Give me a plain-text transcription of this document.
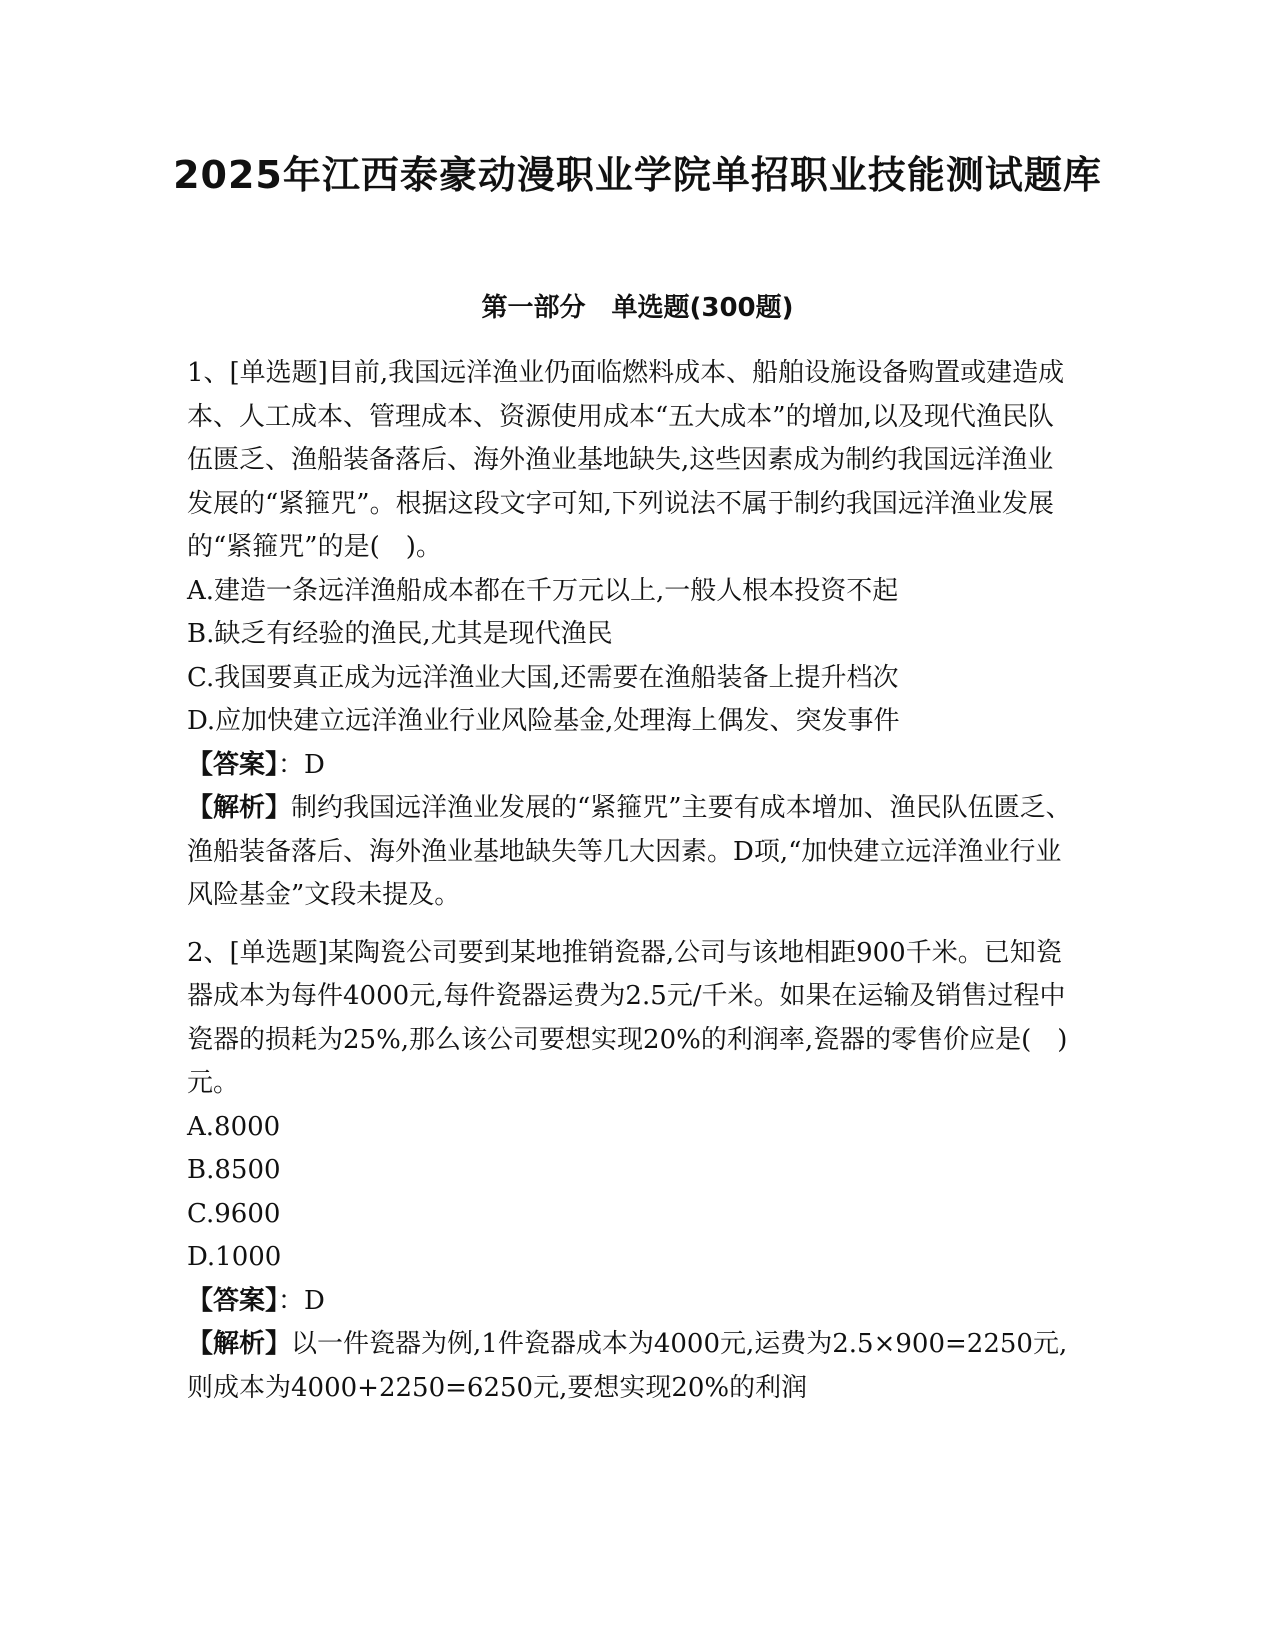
2025年江西泰豪动漫职业学院单招职业技能测试题库
第一部分　单选题(300题)

1、[单选题]目前,我国远洋渔业仍面临燃料成本、船舶设施设备购置或建造成本、人工成本、管理成本、资源使用成本“五大成本”的增加,以及现代渔民队伍匮乏、渔船装备落后、海外渔业基地缺失,这些因素成为制约我国远洋渔业发展的“紧箍咒”。根据这段文字可知,下列说法不属于制约我国远洋渔业发展的“紧箍咒”的是(　)。

A.建造一条远洋渔船成本都在千万元以上,一般人根本投资不起

B.缺乏有经验的渔民,尤其是现代渔民

C.我国要真正成为远洋渔业大国,还需要在渔船装备上提升档次

D.应加快建立远洋渔业行业风险基金,处理海上偶发、突发事件

【答案】：D

【解析】制约我国远洋渔业发展的“紧箍咒”主要有成本增加、渔民队伍匮乏、渔船装备落后、海外渔业基地缺失等几大因素。D项,“加快建立远洋渔业行业风险基金”文段未提及。

2、[单选题]某陶瓷公司要到某地推销瓷器,公司与该地相距900千米。已知瓷器成本为每件4000元,每件瓷器运费为2.5元/千米。如果在运输及销售过程中瓷器的损耗为25%,那么该公司要想实现20%的利润率,瓷器的零售价应是(　)元。

A.8000

B.8500

C.9600

D.1000

【答案】：D

【解析】以一件瓷器为例,1件瓷器成本为4000元,运费为2.5×900=2250元,则成本为4000+2250=6250元,要想实现20%的利润
